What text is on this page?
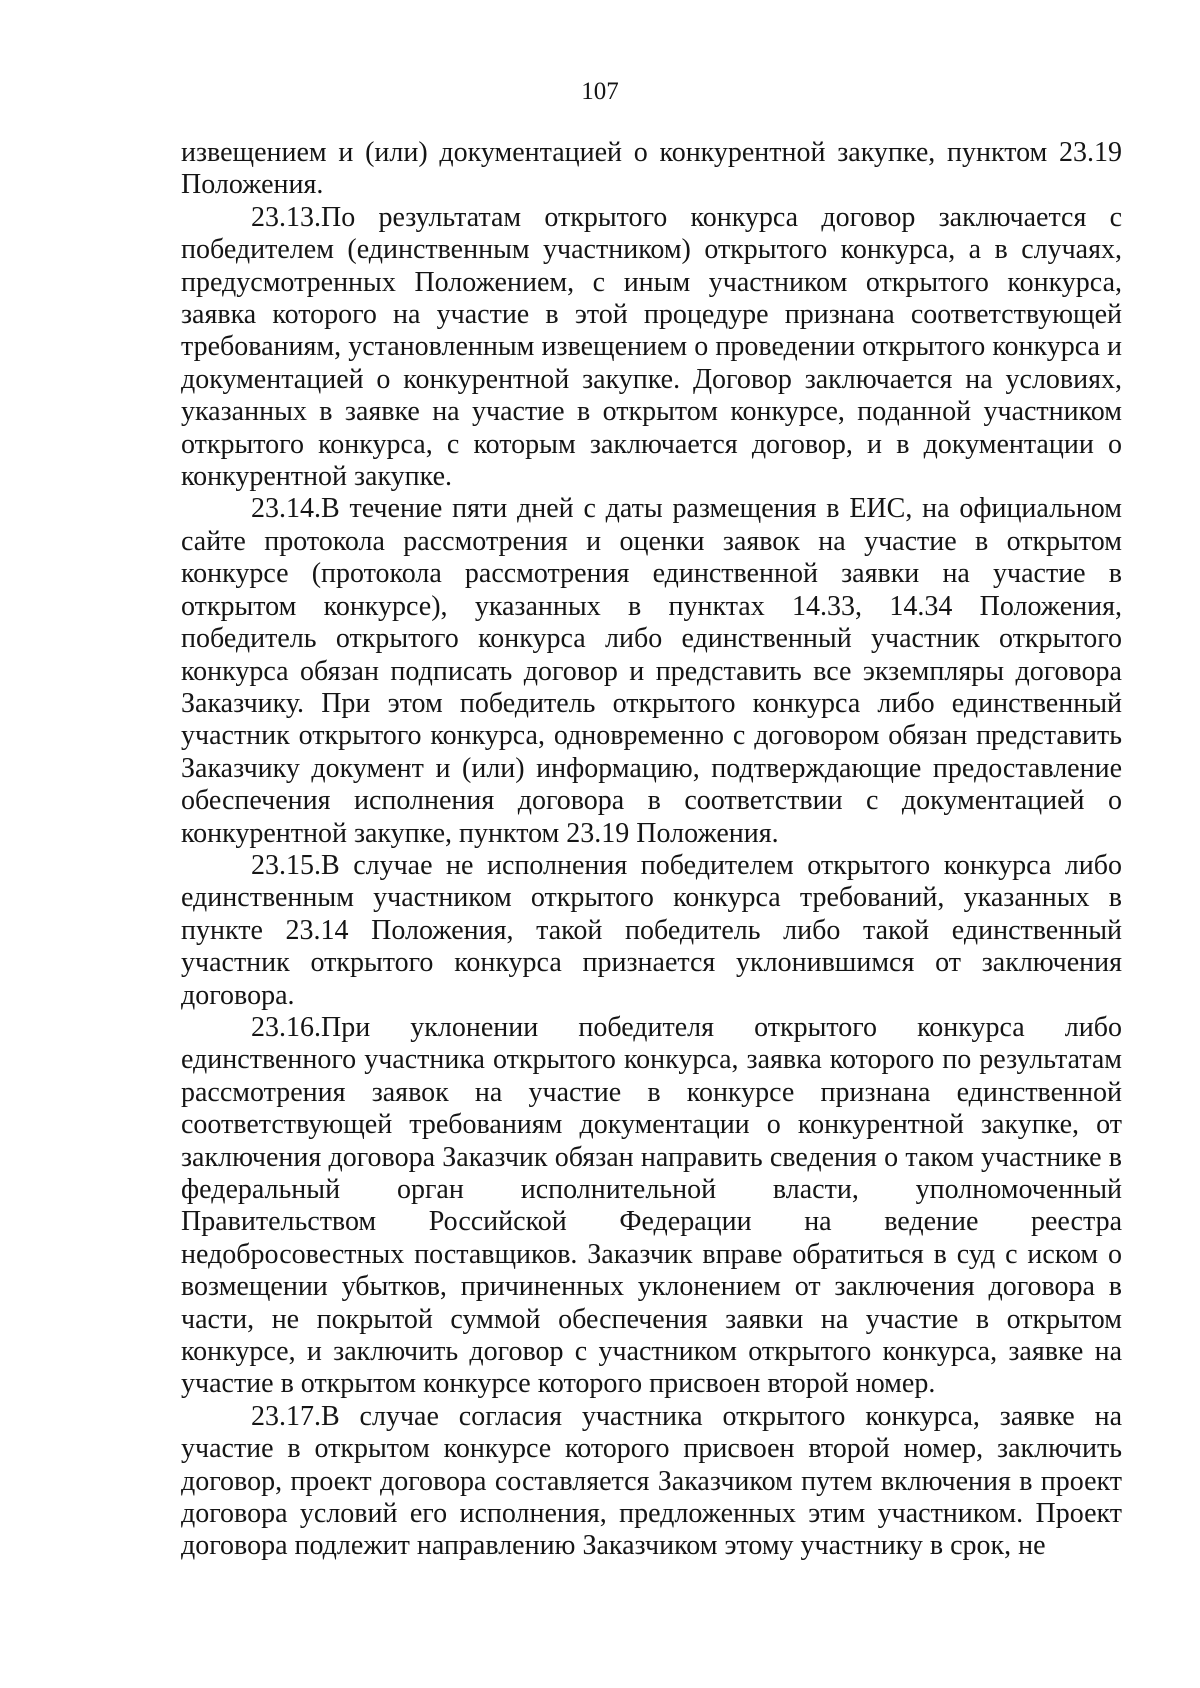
107

извещением и (или) документацией о конкурентной закупке, пунктом 23.19 Положения.

23.13.По результатам открытого конкурса договор заключается с победителем (единственным участником) открытого конкурса, а в случаях, предусмотренных Положением, с иным участником открытого конкурса, заявка которого на участие в этой процедуре признана соответствующей требованиям, установленным извещением о проведении открытого конкурса и документацией о конкурентной закупке. Договор заключается на условиях, указанных в заявке на участие в открытом конкурсе, поданной участником открытого конкурса, с которым заключается договор, и в документации о конкурентной закупке.

23.14.В течение пяти дней с даты размещения в ЕИС, на официальном сайте протокола рассмотрения и оценки заявок на участие в открытом конкурсе (протокола рассмотрения единственной заявки на участие в открытом конкурсе), указанных в пунктах 14.33, 14.34 Положения, победитель открытого конкурса либо единственный участник открытого конкурса обязан подписать договор и представить все экземпляры договора Заказчику. При этом победитель открытого конкурса либо единственный участник открытого конкурса, одновременно с договором обязан представить Заказчику документ и (или) информацию, подтверждающие предоставление обеспечения исполнения договора в соответствии с документацией о конкурентной закупке, пунктом 23.19 Положения.

23.15.В случае не исполнения победителем открытого конкурса либо единственным участником открытого конкурса требований, указанных в пункте 23.14 Положения, такой победитель либо такой единственный участник открытого конкурса признается уклонившимся от заключения договора.

23.16.При уклонении победителя открытого конкурса либо единственного участника открытого конкурса, заявка которого по результатам рассмотрения заявок на участие в конкурсе признана единственной соответствующей требованиям документации о конкурентной закупке, от заключения договора Заказчик обязан направить сведения о таком участнике в федеральный орган исполнительной власти, уполномоченный Правительством Российской Федерации на ведение реестра недобросовестных поставщиков. Заказчик вправе обратиться в суд с иском о возмещении убытков, причиненных уклонением от заключения договора в части, не покрытой суммой обеспечения заявки на участие в открытом конкурсе, и заключить договор с участником открытого конкурса, заявке на участие в открытом конкурсе которого присвоен второй номер.

23.17.В случае согласия участника открытого конкурса, заявке на участие в открытом конкурсе которого присвоен второй номер, заключить договор, проект договора составляется Заказчиком путем включения в проект договора условий его исполнения, предложенных этим участником. Проект договора подлежит направлению Заказчиком этому участнику в срок, не
